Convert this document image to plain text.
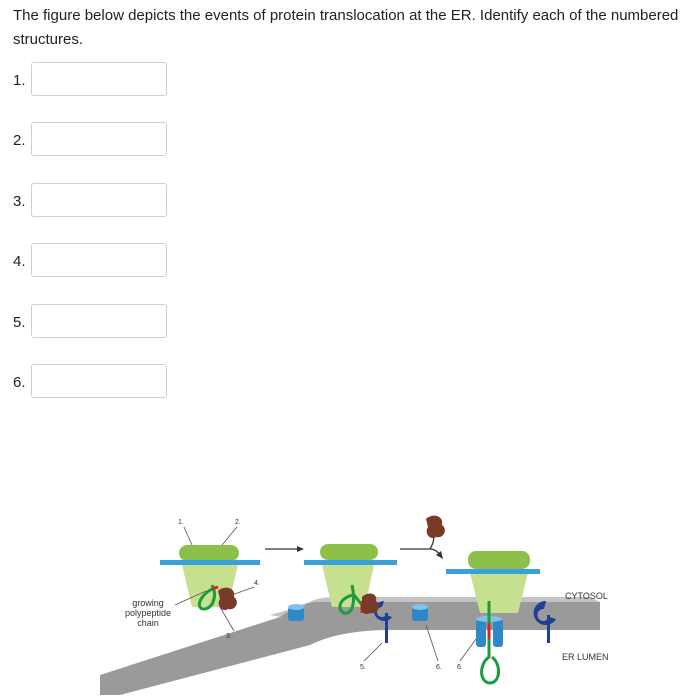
The figure below depicts the events of protein translocation at the ER. Identify each of the numbered structures.

1.
2.
3.
4.
5.
6.
1.	2.
3.
4.
5.	6. 6.
growing
polypeptide
chain
CYTOSOL
ER LUMEN
